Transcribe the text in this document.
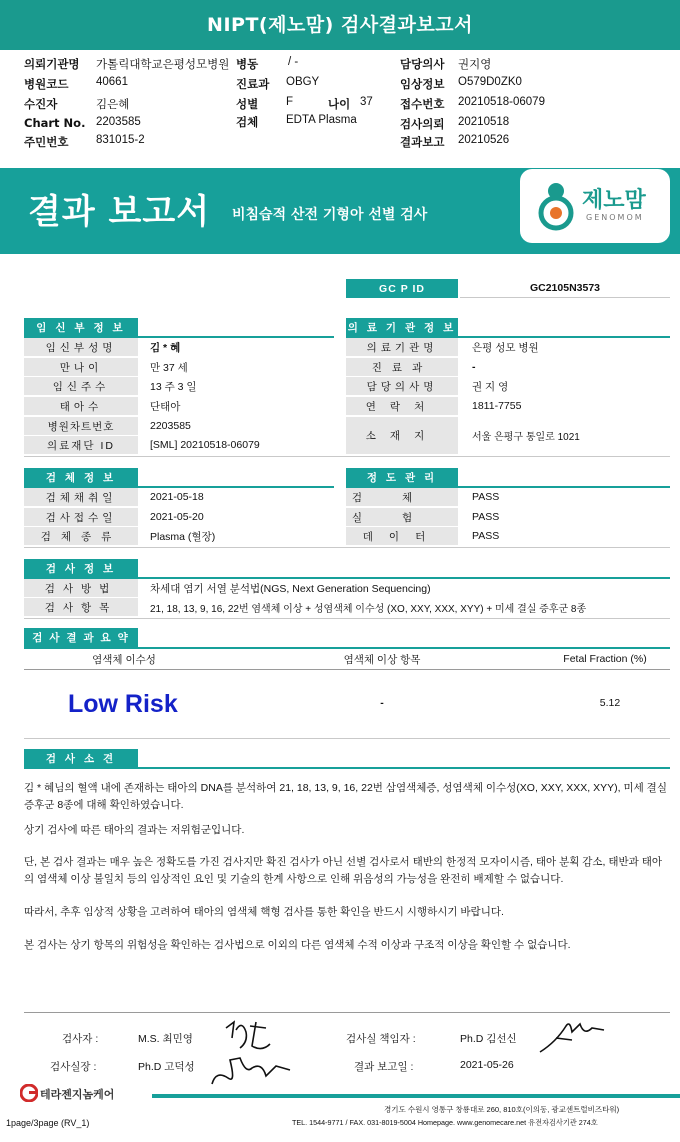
NIPT(제노맘) 검사결과보고서
의뢰기관명 가톨릭대학교은평성모병원 병동	/ -	담당의사 권지영
병원코드 40661	진료과 OBGY	임상정보 O579D0ZK0
수진자	김은혜	성별 F	나이 37 접수번호 20210518-06079
Chart No. 2203585	검체 EDTA Plasma	검사의뢰 20210518
주민번호 831015-2	결과보고 20210526
결과 보고서 비침습적 산전 기형아 선별 검사
제노맘
GENOMOM
GC P ID	GC2105N3573
임 신 부 정 보	의 료 기 관 정 보
임신부성명	김 * 혜
만나이	만 37 세
임신주수	13 주 3 일
태아수	단태아
병원차트번호	2203585
의료재단 ID	[SML] 20210518-06079
의료기관명	은평 성모 병원
진료과	-
담당의사명	권 지 영
연락처	1811-7755
소재지	서울 은평구 통일로 1021
검 체 정 보	정 도 관 리
검체채취일	2021-05-18
검사접수일	2021-05-20
검체종류	Plasma (혈장)
검체	PASS
실험	PASS
데이터	PASS
검 사 정 보
검사방법	차세대 염기 서열 분석법(NGS, Next Generation Sequencing)
검사항목	21, 18, 13, 9, 16, 22번 염색체 이상 + 성염색체 이수성 (XO, XXY, XXX, XYY) + 미세 결실 증후군 8종
검 사 결 과 요 약
염색체 이수성	염색체 이상 항목	Fetal Fraction (%)
Low Risk	-	5.12
검 사 소 견
김 * 혜님의 혈액 내에 존재하는 태아의 DNA를 분석하여 21, 18, 13, 9, 16, 22번 삼염색체증, 성염색체 이수성(XO, XXY, XXX, XYY), 미세 결실 증후군 8종에 대해 확인하였습니다.
상기 검사에 따른 태아의 결과는 저위험군입니다.
단, 본 검사 결과는 매우 높은 정확도를 가진 검사지만 확진 검사가 아닌 선별 검사로서 태반의 한정적 모자이시즘, 태아 분획 감소, 태반과 태아의 염색체 이상 불일치 등의 임상적인 요인 및 기술의 한계 사항으로 인해 위음성의 가능성을 완전히 배제할 수 없습니다.
따라서, 추후 임상적 상황을 고려하여 태아의 염색체 핵형 검사를 통한 확인을 반드시 시행하시기 바랍니다.
본 검사는 상기 항목의 위험성을 확인하는 검사법으로 이외의 다른 염색체 수적 이상과 구조적 이상을 확인할 수 없습니다.
검사자 :	M.S. 최민영	검사실 책임자 :	Ph.D 김선신
검사실장 :	Ph.D 고덕성	결과 보고일 :	2021-05-26
테라젠지놈케어
경기도 수원시 영통구 창룡대로 260, 810호(이의동, 광교센트럴비즈타워)
TEL. 1544-9771 / FAX. 031-8019-5004 Homepage. www.genomecare.net 유전자검사기관 274호
1page/3page (RV_1)
